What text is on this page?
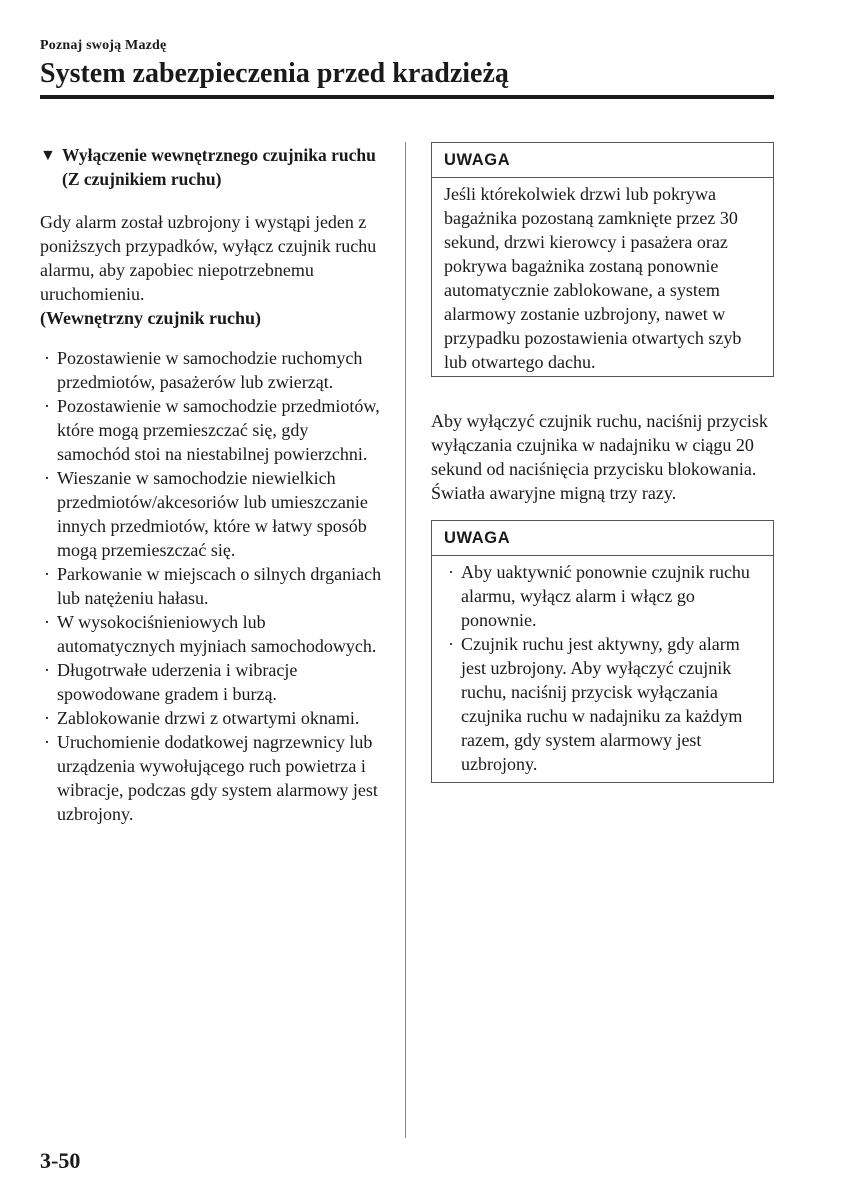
Poznaj swoją Mazdę
System zabezpieczenia przed kradzieżą
▼ Wyłączenie wewnętrznego czujnika ruchu (Z czujnikiem ruchu)

Gdy alarm został uzbrojony i wystąpi jeden z poniższych przypadków, wyłącz czujnik ruchu alarmu, aby zapobiec niepotrzebnemu uruchomieniu.

(Wewnętrzny czujnik ruchu)

· Pozostawienie w samochodzie ruchomych przedmiotów, pasażerów lub zwierząt.
· Pozostawienie w samochodzie przedmiotów, które mogą przemieszczać się, gdy samochód stoi na niestabilnej powierzchni.
· Wieszanie w samochodzie niewielkich przedmiotów/akcesoriów lub umieszczanie innych przedmiotów, które w łatwy sposób mogą przemieszczać się.
· Parkowanie w miejscach o silnych drganiach lub natężeniu hałasu.
· W wysokociśnieniowych lub automatycznych myjniach samochodowych.
· Długotrwałe uderzenia i wibracje spowodowane gradem i burzą.
· Zablokowanie drzwi z otwartymi oknami.
· Uruchomienie dodatkowej nagrzewnicy lub urządzenia wywołującego ruch powietrza i wibracje, podczas gdy system alarmowy jest uzbrojony.
UWAGA
Jeśli którekolwiek drzwi lub pokrywa bagażnika pozostaną zamknięte przez 30 sekund, drzwi kierowcy i pasażera oraz pokrywa bagażnika zostaną ponownie automatycznie zablokowane, a system alarmowy zostanie uzbrojony, nawet w przypadku pozostawienia otwartych szyb lub otwartego dachu.

Aby wyłączyć czujnik ruchu, naciśnij przycisk wyłączania czujnika w nadajniku w ciągu 20 sekund od naciśnięcia przycisku blokowania.
Światła awaryjne migną trzy razy.

UWAGA
· Aby uaktywnić ponownie czujnik ruchu alarmu, wyłącz alarm i włącz go ponownie.
· Czujnik ruchu jest aktywny, gdy alarm jest uzbrojony. Aby wyłączyć czujnik ruchu, naciśnij przycisk wyłączania czujnika ruchu w nadajniku za każdym razem, gdy system alarmowy jest uzbrojony.
3-50
